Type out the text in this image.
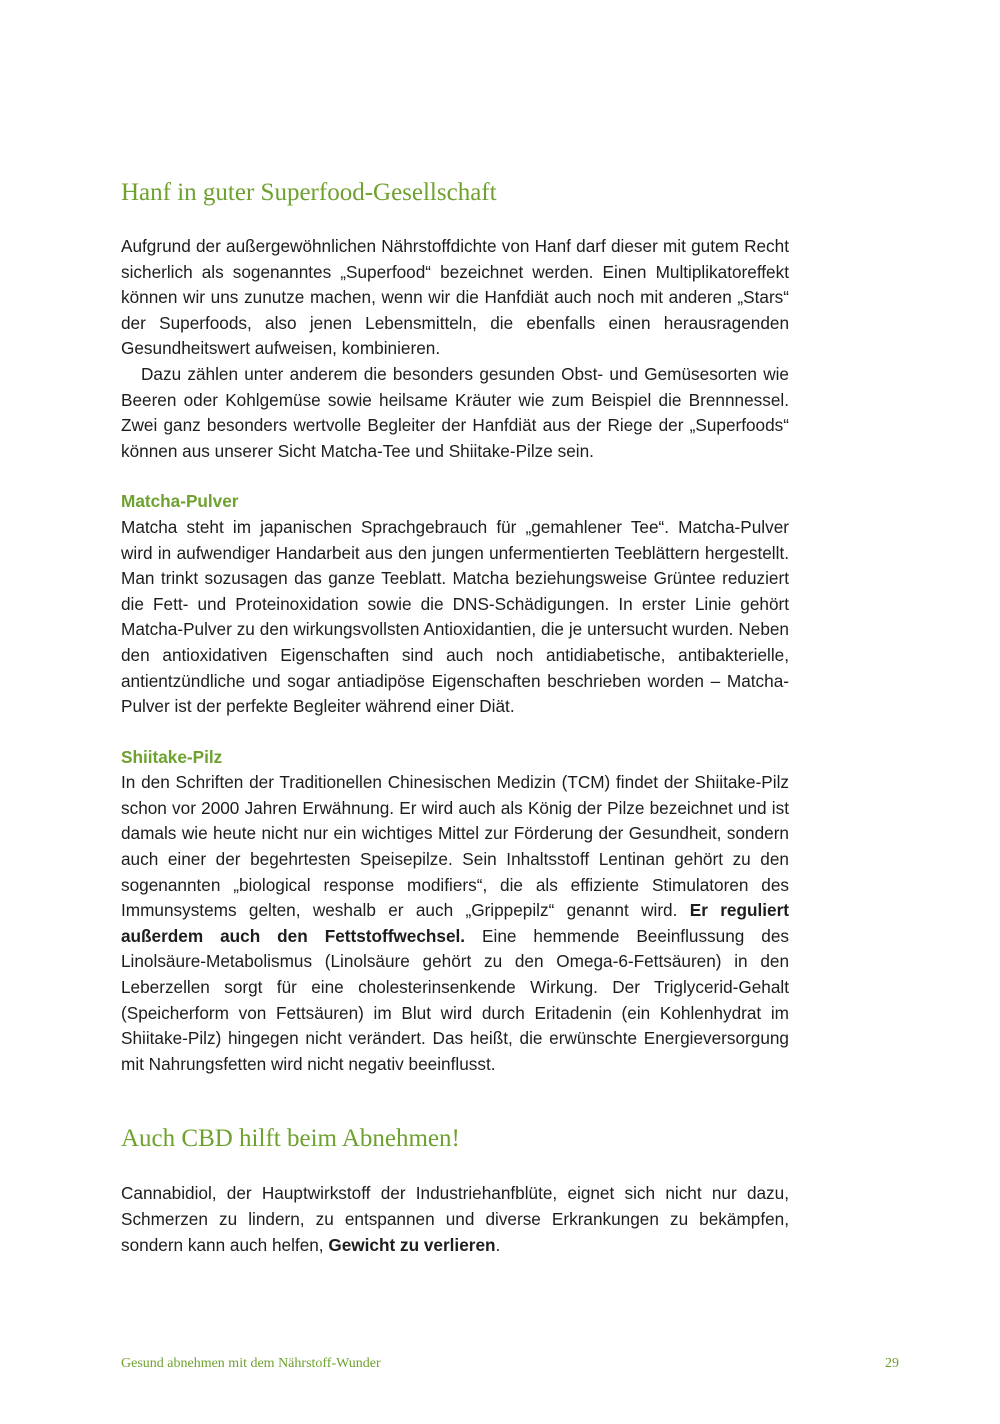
Hanf in guter Superfood-Gesellschaft

Aufgrund der außergewöhnlichen Nährstoffdichte von Hanf darf dieser mit gutem Recht sicherlich als sogenanntes „Superfood“ bezeichnet werden. Einen Multiplikatoreffekt können wir uns zunutze machen, wenn wir die Hanfdiät auch noch mit anderen „Stars“ der Superfoods, also jenen Lebensmitteln, die ebenfalls einen herausragenden Gesundheitswert aufweisen, kombinieren.

Dazu zählen unter anderem die besonders gesunden Obst- und Gemüsesorten wie Beeren oder Kohlgemüse sowie heilsame Kräuter wie zum Beispiel die Brennnessel. Zwei ganz besonders wertvolle Begleiter der Hanfdiät aus der Riege der „Superfoods“ können aus unserer Sicht Matcha-Tee und Shiitake-Pilze sein.

Matcha-Pulver

Matcha steht im japanischen Sprachgebrauch für „gemahlener Tee“. Matcha-Pulver wird in aufwendiger Handarbeit aus den jungen unfermentierten Teeblättern hergestellt. Man trinkt sozusagen das ganze Teeblatt. Matcha beziehungsweise Grüntee reduziert die Fett- und Proteinoxidation sowie die DNS-Schädigungen. In erster Linie gehört Matcha-Pulver zu den wirkungsvollsten Antioxidantien, die je untersucht wurden. Neben den antioxidativen Eigenschaften sind auch noch antidiabetische, antibakterielle, antientzündliche und sogar antiadipöse Eigenschaften beschrieben worden – Matcha-Pulver ist der perfekte Begleiter während einer Diät.

Shiitake-Pilz

In den Schriften der Traditionellen Chinesischen Medizin (TCM) findet der Shiitake-Pilz schon vor 2000 Jahren Erwähnung. Er wird auch als König der Pilze bezeichnet und ist damals wie heute nicht nur ein wichtiges Mittel zur Förderung der Gesundheit, sondern auch einer der begehrtesten Speisepilze. Sein Inhaltsstoff Lentinan gehört zu den sogenannten „biological response modifiers“, die als effiziente Stimulatoren des Immunsystems gelten, weshalb er auch „Grippepilz“ genannt wird. Er reguliert außerdem auch den Fettstoffwechsel. Eine hemmende Beeinflussung des Linolsäure-Metabolismus (Linolsäure gehört zu den Omega-6-Fettsäuren) in den Leberzellen sorgt für eine cholesterinsenkende Wirkung. Der Triglycerid-Gehalt (Speicherform von Fettsäuren) im Blut wird durch Eritadenin (ein Kohlenhydrat im Shiitake-Pilz) hingegen nicht verändert. Das heißt, die erwünschte Energieversorgung mit Nahrungsfetten wird nicht negativ beeinflusst.

Auch CBD hilft beim Abnehmen!

Cannabidiol, der Hauptwirkstoff der Industriehanfblüte, eignet sich nicht nur dazu, Schmerzen zu lindern, zu entspannen und diverse Erkrankungen zu bekämpfen, sondern kann auch helfen, Gewicht zu verlieren.

Gesund abnehmen mit dem Nährstoff-Wunder	29
